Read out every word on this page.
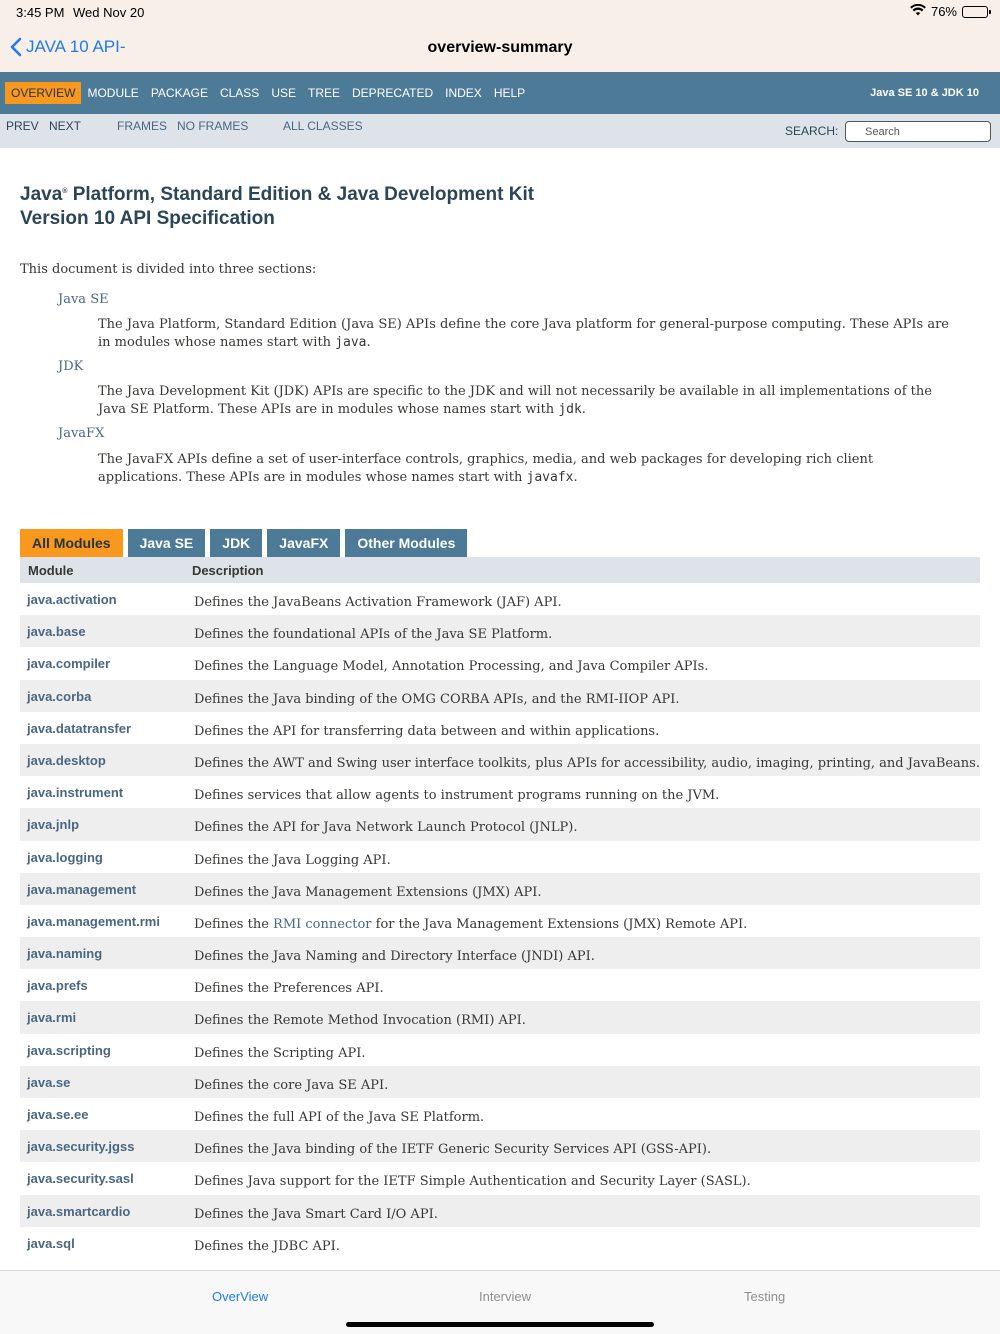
3:45 PM Wed Nov 20	76%
JAVA 10 API-	overview-summary
OVERVIEW	MODULE	PACKAGE	CLASS	USE	TREE	DEPRECATED	INDEX	HELP	Java SE 10 & JDK 10
PREV NEXT	FRAMES NO FRAMES	ALL CLASSES	SEARCH:
Search
Java® Platform, Standard Edition & Java Development Kit
Version 10 API Specification

This document is divided into three sections:

Java SE

The Java Platform, Standard Edition (Java SE) APIs define the core Java platform for general-purpose computing. These APIs are in modules whose names start with java.

JDK

The Java Development Kit (JDK) APIs are specific to the JDK and will not necessarily be available in all implementations of the Java SE Platform. These APIs are in modules whose names start with jdk.

JavaFX

The JavaFX APIs define a set of user-interface controls, graphics, media, and web packages for developing rich client applications. These APIs are in modules whose names start with javafx.

All Modules	Java SE	JDK	JavaFX	Other Modules
Module	Description
java.activation	Defines the JavaBeans Activation Framework (JAF) API.
java.base	Defines the foundational APIs of the Java SE Platform.
java.compiler	Defines the Language Model, Annotation Processing, and Java Compiler APIs.
java.corba	Defines the Java binding of the OMG CORBA APIs, and the RMI-IIOP API.
java.datatransfer	Defines the API for transferring data between and within applications.
java.desktop	Defines the AWT and Swing user interface toolkits, plus APIs for accessibility, audio, imaging, printing, and JavaBeans.
java.instrument	Defines services that allow agents to instrument programs running on the JVM.
java.jnlp	Defines the API for Java Network Launch Protocol (JNLP).
java.logging	Defines the Java Logging API.
java.management	Defines the Java Management Extensions (JMX) API.
java.management.rmi	Defines the RMI connector for the Java Management Extensions (JMX) Remote API.
java.naming	Defines the Java Naming and Directory Interface (JNDI) API.
java.prefs	Defines the Preferences API.
java.rmi	Defines the Remote Method Invocation (RMI) API.
java.scripting	Defines the Scripting API.
java.se	Defines the core Java SE API.
java.se.ee	Defines the full API of the Java SE Platform.
java.security.jgss	Defines the Java binding of the IETF Generic Security Services API (GSS-API).
java.security.sasl	Defines Java support for the IETF Simple Authentication and Security Layer (SASL).
java.smartcardio	Defines the Java Smart Card I/O API.
java.sql	Defines the JDBC API.
OverView	Interview	Testing
